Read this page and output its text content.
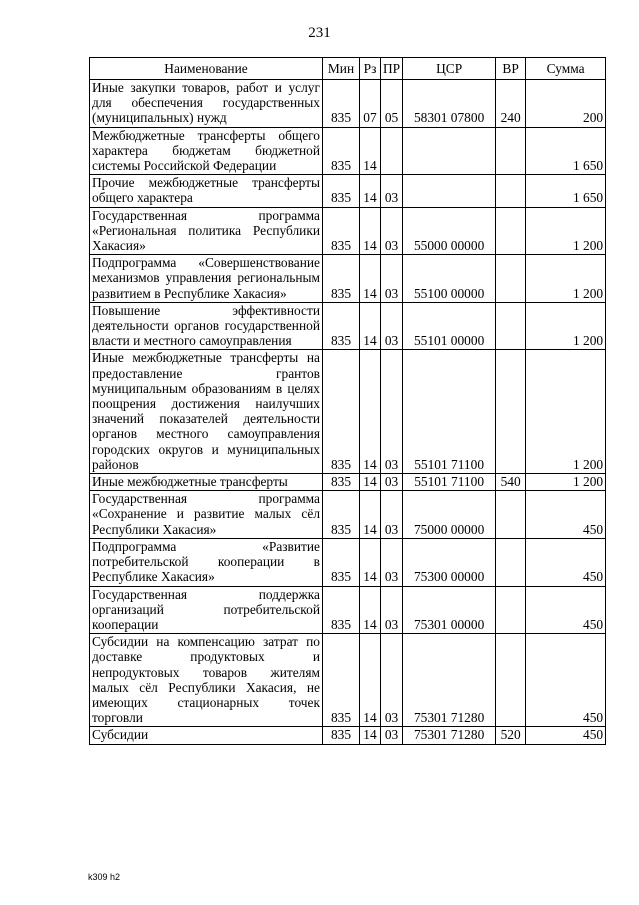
231
Наименование	Мин	Рз	ПР	ЦСР	ВР	Сумма
Иные закупки товаров, работ и услуг для обеспечения государственных (муниципальных) нужд	835	07	05	58301 07800	240	200
Межбюджетные трансферты общего характера бюджетам бюджетной системы Российской Федерации	835	14				1 650
Прочие межбюджетные трансферты общего характера	835	14	03			1 650
Государственная программа «Региональная политика Республики Хакасия»	835	14	03	55000 00000		1 200
Подпрограмма «Совершенствование механизмов управления региональным развитием в Республике Хакасия»	835	14	03	55100 00000		1 200
Повышение эффективности деятельности органов государственной власти и местного самоуправления	835	14	03	55101 00000		1 200
Иные межбюджетные трансферты на предоставление грантов муниципальным образованиям в целях поощрения достижения наилучших значений показателей деятельности органов местного самоуправления городских округов и муниципальных районов	835	14	03	55101 71100		1 200
Иные межбюджетные трансферты	835	14	03	55101 71100	540	1 200
Государственная программа «Сохранение и развитие малых сёл Республики Хакасия»	835	14	03	75000 00000		450
Подпрограмма «Развитие потребительской кооперации в Республике Хакасия»	835	14	03	75300 00000		450
Государственная поддержка организаций потребительской кооперации	835	14	03	75301 00000		450
Субсидии на компенсацию затрат по доставке продуктовых и непродуктовых товаров жителям малых сёл Республики Хакасия, не имеющих стационарных точек торговли	835	14	03	75301 71280		450
Субсидии	835	14	03	75301 71280	520	450
k309 h2
